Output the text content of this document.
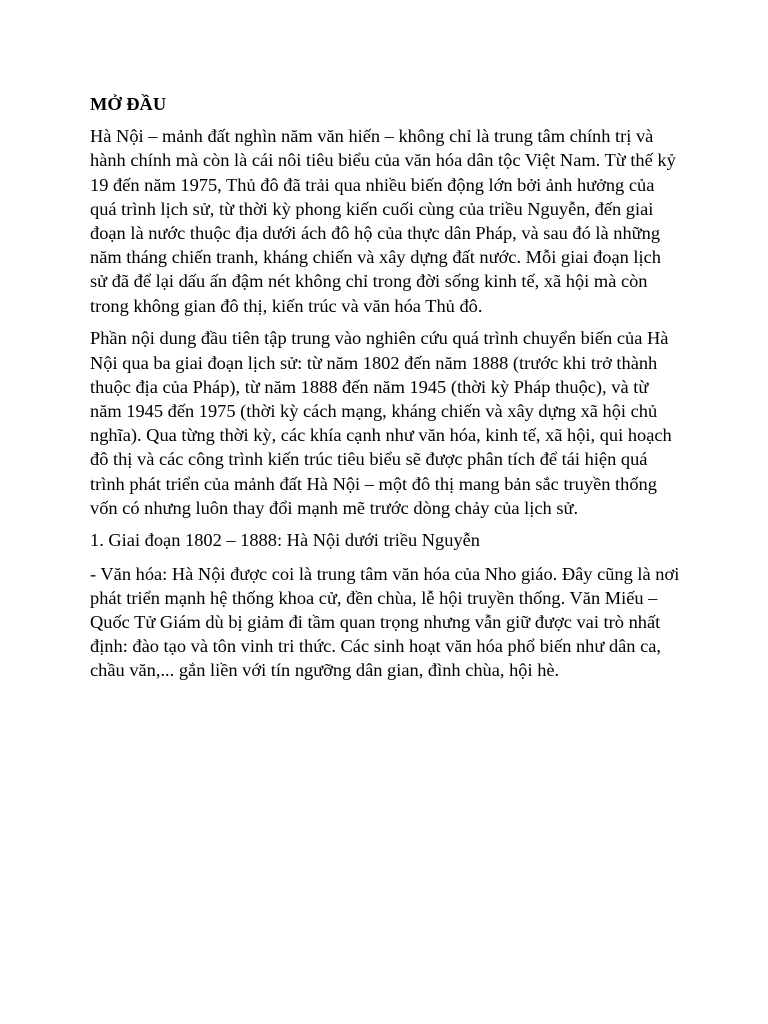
MỞ ĐẦU

Hà Nội – mảnh đất nghìn năm văn hiến – không chỉ là trung tâm chính trị và hành chính mà còn là cái nôi tiêu biểu của văn hóa dân tộc Việt Nam. Từ thế kỷ 19 đến năm 1975, Thủ đô đã trải qua nhiều biến động lớn bởi ảnh hưởng của quá trình lịch sử, từ thời kỳ phong kiến cuối cùng của triều Nguyễn, đến giai đoạn là nước thuộc địa dưới ách đô hộ của thực dân Pháp, và sau đó là những năm tháng chiến tranh, kháng chiến và xây dựng đất nước. Mỗi giai đoạn lịch sử đã để lại dấu ấn đậm nét không chỉ trong đời sống kinh tế, xã hội mà còn trong không gian đô thị, kiến trúc và văn hóa Thủ đô.

Phần nội dung đầu tiên tập trung vào nghiên cứu quá trình chuyển biến của Hà Nội qua ba giai đoạn lịch sử: từ năm 1802 đến năm 1888 (trước khi trở thành thuộc địa của Pháp), từ năm 1888 đến năm 1945 (thời kỳ Pháp thuộc), và từ năm 1945 đến 1975 (thời kỳ cách mạng, kháng chiến và xây dựng xã hội chủ nghĩa). Qua từng thời kỳ, các khía cạnh như văn hóa, kinh tế, xã hội, qui hoạch đô thị và các công trình kiến trúc tiêu biểu sẽ được phân tích để tái hiện quá trình phát triển của mảnh đất Hà Nội – một đô thị mang bản sắc truyền thống vốn có nhưng luôn thay đổi mạnh mẽ trước dòng chảy của lịch sử.

1. Giai đoạn 1802 – 1888: Hà Nội dưới triều Nguyễn

- Văn hóa: Hà Nội được coi là trung tâm văn hóa của Nho giáo. Đây cũng là nơi phát triển mạnh hệ thống khoa cử, đền chùa, lễ hội truyền thống. Văn Miếu – Quốc Tử Giám dù bị giảm đi tầm quan trọng nhưng vẫn giữ được vai trò nhất định: đào tạo và tôn vinh tri thức. Các sinh hoạt văn hóa phổ biến như dân ca, chầu văn,... gắn liền với tín ngưỡng dân gian, đình chùa, hội hè.
